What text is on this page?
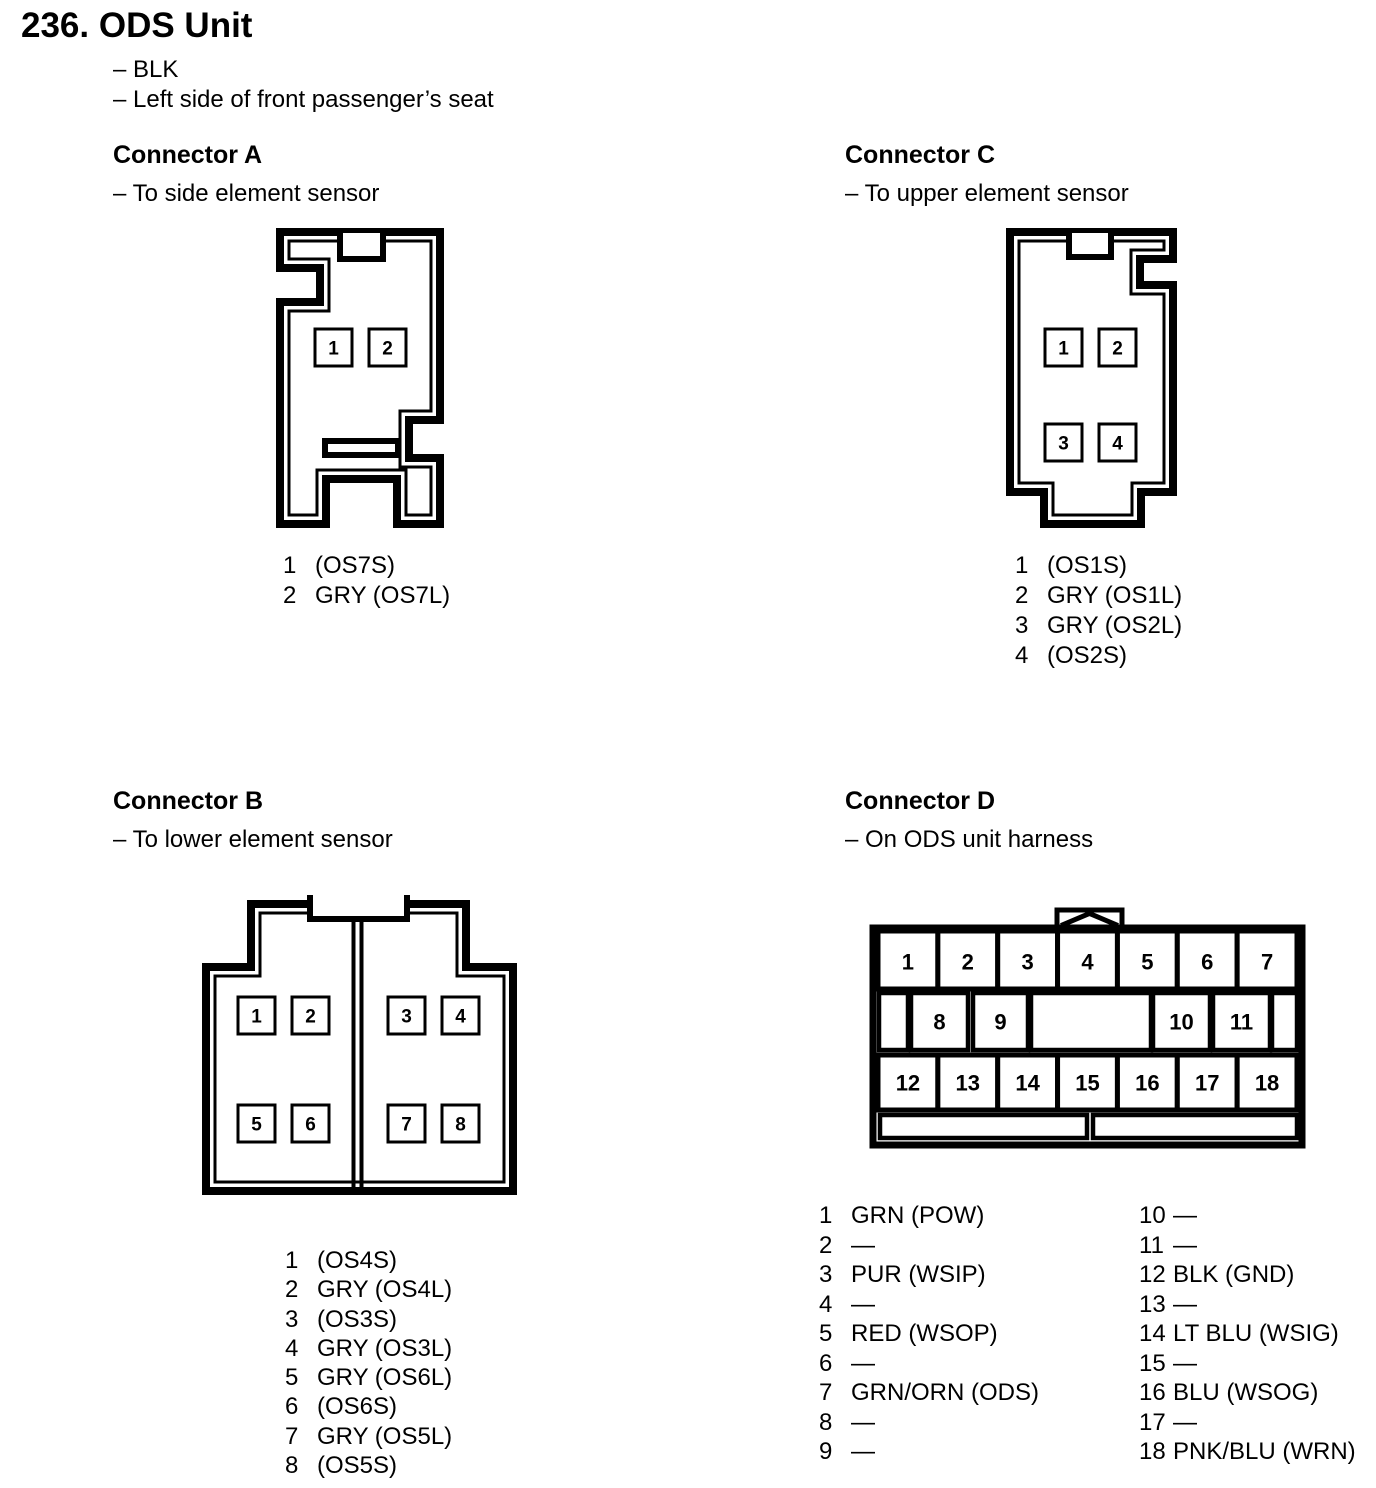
236. ODS Unit
– BLK
– Left side of front passenger’s seat
Connector A
– To side element sensor
1 2
1 (OS7S)
2 GRY (OS7L)
Connector C
– To upper element sensor
1 2
3 4
1 (OS1S)
2 GRY (OS1L)
3 GRY (OS2L)
4 (OS2S)
Connector B
– To lower element sensor
1 2	3 4
5 6	7 8
1 (OS4S)
2 GRY (OS4L)
3 (OS3S)
4 GRY (OS3L)
5 GRY (OS6L)
6 (OS6S)
7 GRY (OS5L)
8 (OS5S)
Connector D
– On ODS unit harness
1 2 3 4 5 6 7
8 9	10 11
12 13 14 15 16 17 18
1 GRN (POW)
2 —
3 PUR (WSIP)
4 —
5 RED (WSOP)
6 —
7 GRN/ORN (ODS)
8 —
9 —
10 —
11 —
12 BLK (GND)
13 —
14 LT BLU (WSIG)
15 —
16 BLU (WSOG)
17 —
18 PNK/BLU (WRN)
